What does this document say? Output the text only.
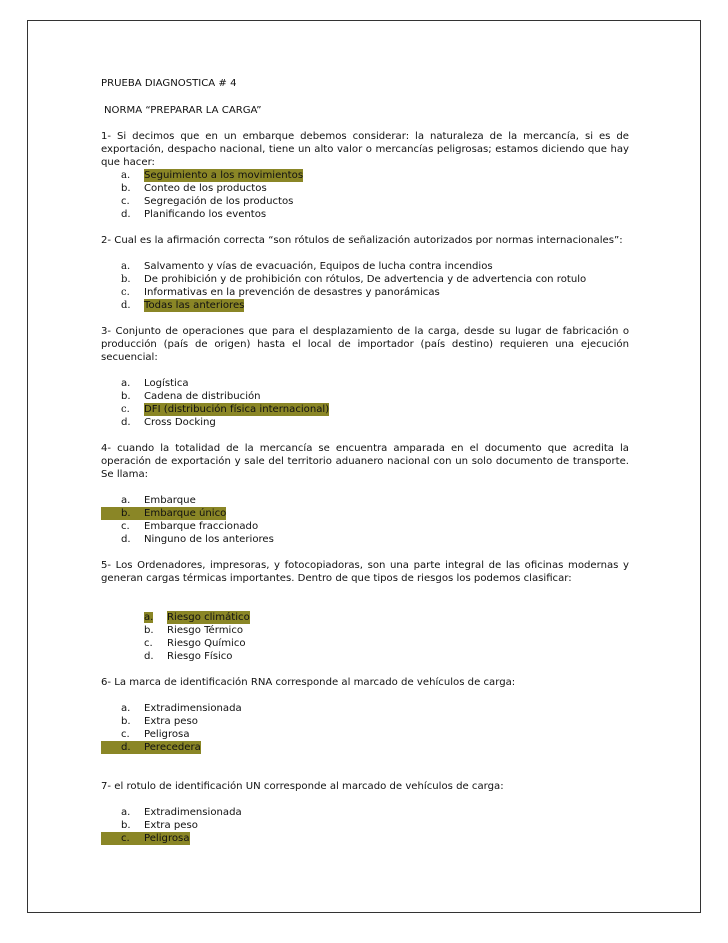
PRUEBA DIAGNOSTICA # 4

NORMA “PREPARAR LA CARGA”

1- Si decimos que en un embarque debemos considerar: la naturaleza de la mercancía, si es de exportación, despacho nacional, tiene un alto valor o mercancías peligrosas; estamos diciendo que hay que hacer:

a.	Seguimiento a los movimientos
b.	Conteo de los productos
c.	Segregación de los productos
d.	Planificando los eventos

2- Cual es la afirmación correcta “son rótulos de señalización autorizados por normas internacionales”:

a.	Salvamento y vías de evacuación, Equipos de lucha contra incendios
b.	De prohibición y de prohibición con rótulos, De advertencia y de advertencia con rotulo
c.	Informativas en la prevención de desastres y panorámicas
d.	Todas las anteriores

3- Conjunto de operaciones que para el desplazamiento de la carga, desde su lugar de fabricación o producción (país de origen) hasta el local de importador (país destino) requieren una ejecución secuencial:

a.	Logística
b.	Cadena de distribución
c.	DFI (distribución física internacional)
d.	Cross Docking

4- cuando la totalidad de la mercancía se encuentra amparada en el documento que acredita la operación de exportación y sale del territorio aduanero nacional con un solo documento de transporte. Se llama:

a.	Embarque
b.	Embarque único
c.	Embarque fraccionado
d.	Ninguno de los anteriores

5- Los Ordenadores, impresoras, y fotocopiadoras, son una parte integral de las oficinas modernas y generan cargas térmicas importantes. Dentro de que tipos de riesgos los podemos clasificar:

a.	Riesgo climático
b.	Riesgo Térmico
c.	Riesgo Químico
d.	Riesgo Físico

6- La marca de identificación RNA corresponde al marcado de vehículos de carga:

a.	Extradimensionada
b.	Extra peso
c.	Peligrosa
d.	Perecedera

7- el rotulo de identificación UN corresponde al marcado de vehículos de carga:

a.	Extradimensionada
b.	Extra peso
c.	Peligrosa
